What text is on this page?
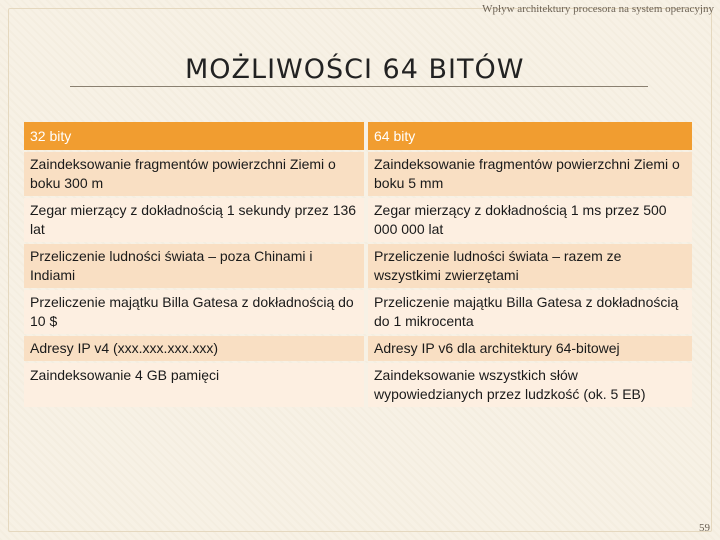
Wpływ architektury procesora na system operacyjny
MOŻLIWOŚCI 64 BITÓW
32 bity	64 bity
Zaindeksowanie fragmentów powierzchni Ziemi o boku 300 m	Zaindeksowanie fragmentów powierzchni Ziemi o boku 5 mm
Zegar mierzący z dokładnością 1 sekundy przez 136 lat	Zegar mierzący z dokładnością 1 ms przez 500 000 000 lat
Przeliczenie ludności świata – poza Chinami i Indiami	Przeliczenie ludności świata – razem ze wszystkimi zwierzętami
Przeliczenie majątku Billa Gatesa z dokładnością do 10 $	Przeliczenie majątku Billa Gatesa z dokładnością do 1 mikrocenta
Adresy IP v4 (xxx.xxx.xxx.xxx)	Adresy IP v6 dla architektury 64-bitowej
Zaindeksowanie 4 GB pamięci	Zaindeksowanie wszystkich słów wypowiedzianych przez ludzkość (ok. 5 EB)
59
